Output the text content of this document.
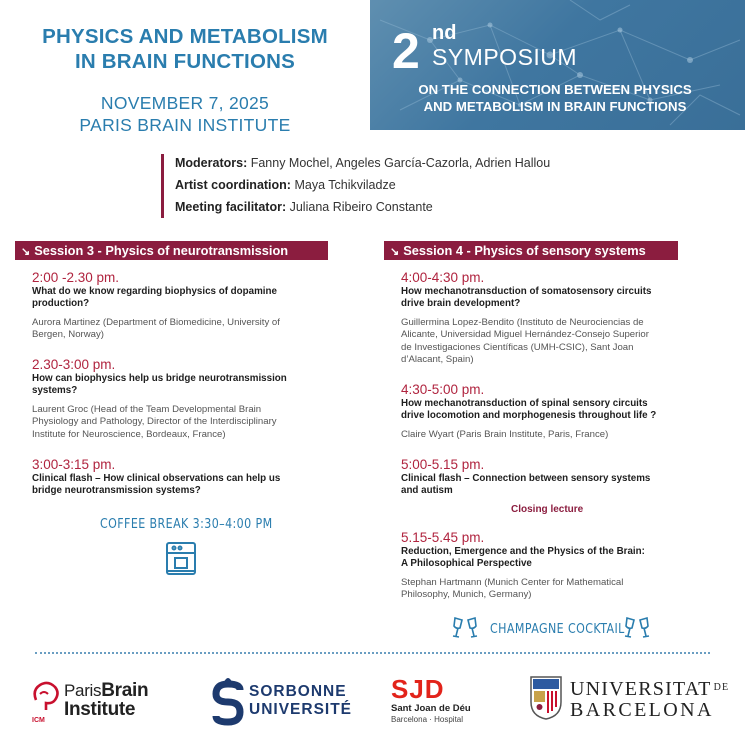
PHYSICS AND METABOLISM
IN BRAIN FUNCTIONS
NOVEMBER 7, 2025
PARIS BRAIN INSTITUTE
2 nd
SYMPOSIUM
ON THE CONNECTION BETWEEN PHYSICS
AND METABOLISM IN BRAIN FUNCTIONS
Moderators: Fanny Mochel, Angeles García-Cazorla, Adrien Hallou
Artist coordination: Maya Tchikviladze
Meeting facilitator: Juliana Ribeiro Constante
↘ Session 3 - Physics of neurotransmission
2:00 -2.30 pm.
What do we know regarding biophysics of dopamine
production?
Aurora Martinez (Department of Biomedicine, University of
Bergen, Norway)
2.30-3:00 pm.
How can biophysics help us bridge neurotransmission
systems?
Laurent Groc (Head of the Team Developmental Brain
Physiology and Pathology, Director of the Interdisciplinary
Institute for Neuroscience, Bordeaux, France)
3:00-3:15 pm.
Clinical flash – How clinical observations can help us
bridge neurotransmission systems?
COFFEE BREAK 3:30–4:00 PM
↘ Session 4 - Physics of sensory systems
4:00-4:30 pm.
How mechanotransduction of somatosensory circuits
drive brain development?
Guillermina Lopez-Bendito (Instituto de Neurociencias de
Alicante, Universidad Miguel Hernández-Consejo Superior
de Investigaciones Científicas (UMH-CSIC), Sant Joan
d’Alacant, Spain)
4:30-5:00 pm.
How mechanotransduction of spinal sensory circuits
drive locomotion and morphogenesis throughout life ?
Claire Wyart (Paris Brain Institute, Paris, France)
5:00-5.15 pm.
Clinical flash – Connection between sensory systems
and autism
Closing lecture
5.15-5.45 pm.
Reduction, Emergence and the Physics of the Brain:
A Philosophical Perspective
Stephan Hartmann (Munich Center for Mathematical
Philosophy, Munich, Germany)
CHAMPAGNE COCKTAIL
ICM
ParisBrain
Institute
SORBONNE
UNIVERSITÉ
SJD
Sant Joan de Déu
Barcelona · Hospital
UNIVERSITAT $^{DE}$
BARCELONA
